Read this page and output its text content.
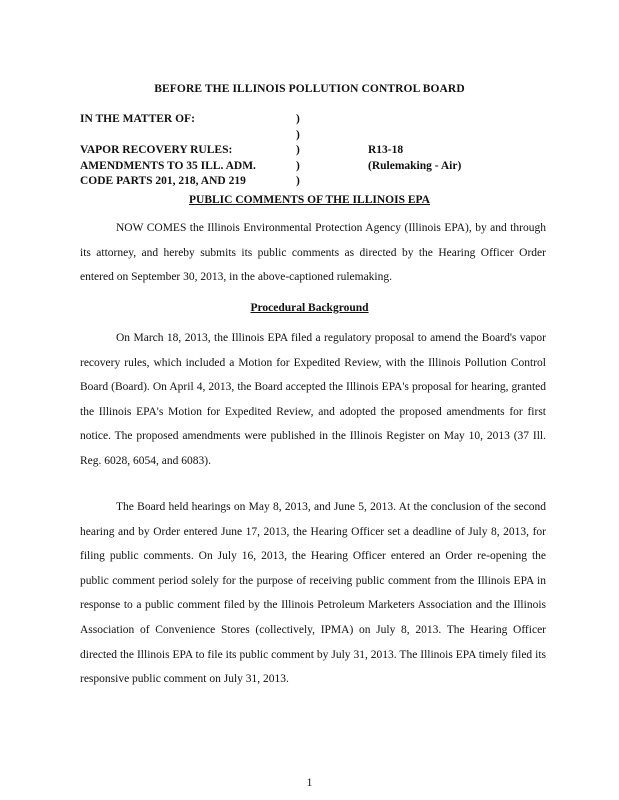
BEFORE THE ILLINOIS POLLUTION CONTROL BOARD
IN THE MATTER OF:	)
)
VAPOR RECOVERY RULES:	)	R13-18
AMENDMENTS TO 35 ILL. ADM.	)	(Rulemaking - Air)
CODE PARTS 201, 218, AND 219	)
PUBLIC COMMENTS OF THE ILLINOIS EPA

NOW COMES the Illinois Environmental Protection Agency (Illinois EPA), by and through its attorney, and hereby submits its public comments as directed by the Hearing Officer Order entered on September 30, 2013, in the above-captioned rulemaking.

Procedural Background

On March 18, 2013, the Illinois EPA filed a regulatory proposal to amend the Board's vapor recovery rules, which included a Motion for Expedited Review, with the Illinois Pollution Control Board (Board). On April 4, 2013, the Board accepted the Illinois EPA's proposal for hearing, granted the Illinois EPA's Motion for Expedited Review, and adopted the proposed amendments for first notice. The proposed amendments were published in the Illinois Register on May 10, 2013 (37 Ill. Reg. 6028, 6054, and 6083).

The Board held hearings on May 8, 2013, and June 5, 2013. At the conclusion of the second hearing and by Order entered June 17, 2013, the Hearing Officer set a deadline of July 8, 2013, for filing public comments. On July 16, 2013, the Hearing Officer entered an Order re-opening the public comment period solely for the purpose of receiving public comment from the Illinois EPA in response to a public comment filed by the Illinois Petroleum Marketers Association and the Illinois Association of Convenience Stores (collectively, IPMA) on July 8, 2013. The Hearing Officer directed the Illinois EPA to file its public comment by July 31, 2013. The Illinois EPA timely filed its responsive public comment on July 31, 2013.

1
